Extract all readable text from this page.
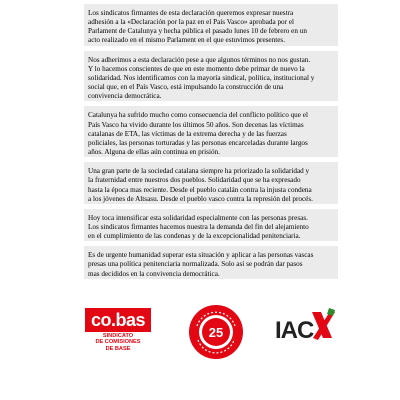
Los sindicatos firmantes de esta declaración queremos expresar nuestra
adhesión a la «Declaración por la paz en el País Vasco» aprobada por el
Parlament de Catalunya y hecha pública el pasado lunes 10 de febrero en un
acto realizado en el mismo Parlament en el que estuvimos presentes.

Nos adherimos a esta declaración pese a que algunos términos no nos gustan.
Y lo hacemos conscientes de que en este momento debe primar de nuevo la
solidaridad. Nos identificamos con la mayoría sindical, política, institucional y
social que, en el País Vasco, está impulsando la construcción de una
convivencia democrática.

Catalunya ha sufrido mucho como consecuencia del conflicto político que el
País Vasco ha vivido durante los últimos 50 años. Son decenas las víctimas
catalanas de ETA, las víctimas de la extrema derecha y de las fuerzas
policiales, las personas torturadas y las personas encarceladas durante largos
años. Alguna de ellas aún continua en prisión.

Una gran parte de la sociedad catalana siempre ha priorizado la solidaridad y
la fraternidad entre nuestros dos pueblos. Solidaridad que se ha expresado
hasta la época mas reciente. Desde el pueblo catalán contra la injusta condena
a los jóvenes de Altsasu. Desde el pueblo vasco contra la represión del procés.

Hoy toca intensificar esta solidaridad especialmente con las personas presas.
Los sindicatos firmantes hacemos nuestra la demanda del fin del alejamiento
en el cumplimiento de las condenas y de la excepcionalidad penitenciaria.

Es de urgente humanidad superar esta situación y aplicar a las personas vascas
presas una política penitenciaria normalizada. Solo así se podrán dar pasos
mas decididos en la convivencia democrática.

co.bas
SINDICATO
DE COMISIONES
DE BASE
25 IAC
